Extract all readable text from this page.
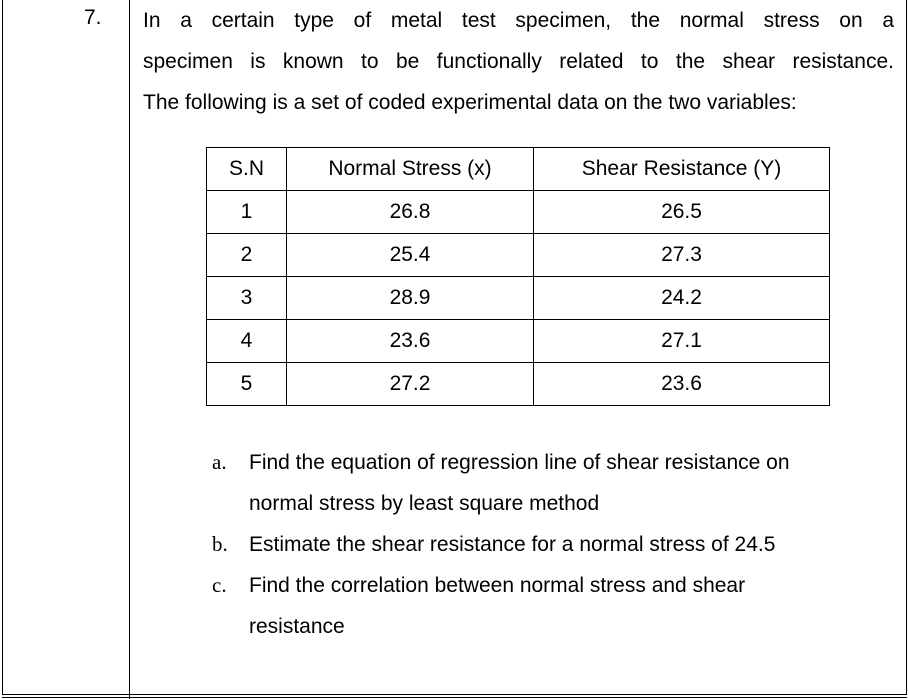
7. In a certain type of metal test specimen, the normal stress on a
specimen is known to be functionally related to the shear resistance.
The following is a set of coded experimental data on the two variables:
S.N	Normal Stress (x)	Shear Resistance (Y)
1	26.8	26.5
2	25.4	27.3
3	28.9	24.2
4	23.6	27.1
5	27.2	23.6
a. Find the equation of regression line of shear resistance on
normal stress by least square method
b. Estimate the shear resistance for a normal stress of 24.5
c. Find the correlation between normal stress and shear
resistance
